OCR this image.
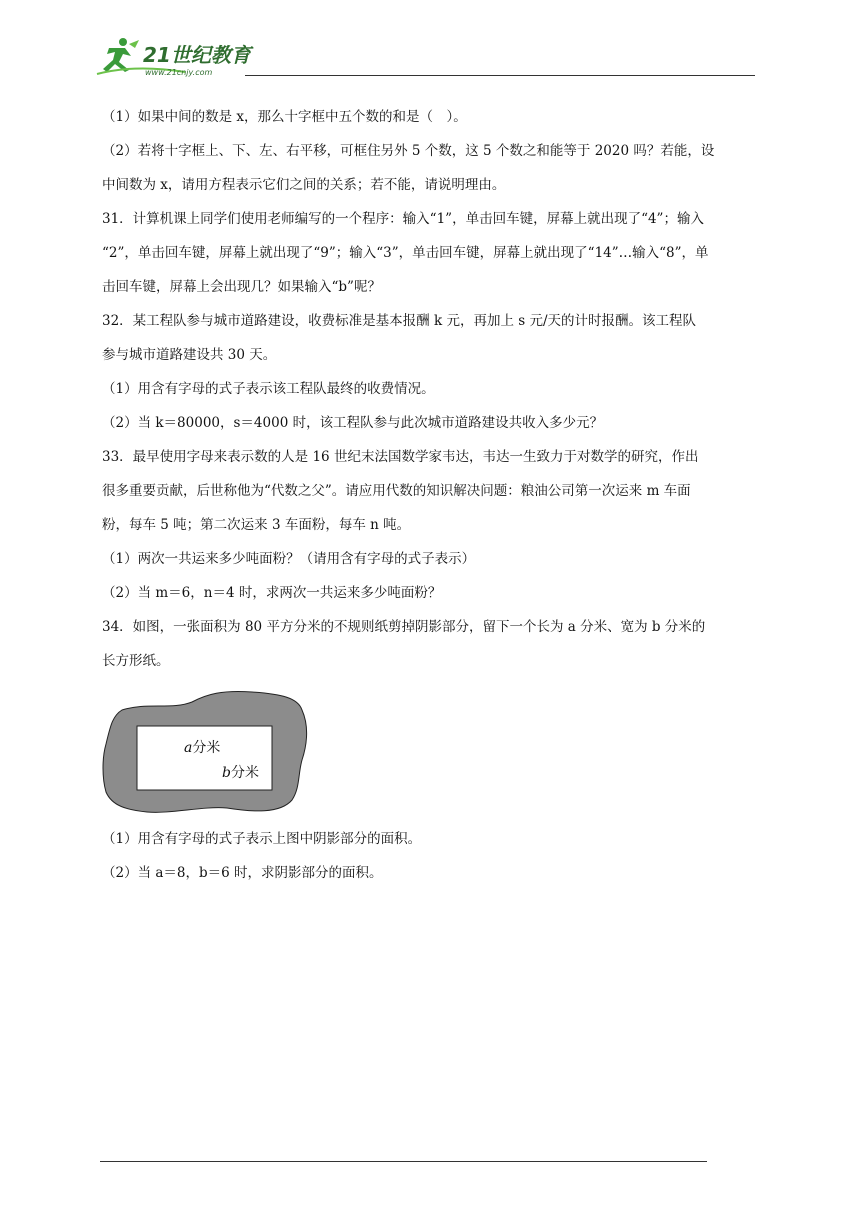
21世纪教育
www.21cnjy.com
（1）如果中间的数是 x，那么十字框中五个数的和是（　）。
（2）若将十字框上、下、左、右平移，可框住另外 5 个数，这 5 个数之和能等于 2020 吗？若能，设
中间数为 x，请用方程表示它们之间的关系；若不能，请说明理由。
31．计算机课上同学们使用老师编写的一个程序：输入“1”，单击回车键，屏幕上就出现了“4”；输入
“2”，单击回车键，屏幕上就出现了“9”；输入“3”，单击回车键，屏幕上就出现了“14”…输入“8”，单
击回车键，屏幕上会出现几？如果输入“b”呢？
32．某工程队参与城市道路建设，收费标准是基本报酬 k 元，再加上 s 元/天的计时报酬。该工程队
参与城市道路建设共 30 天。
（1）用含有字母的式子表示该工程队最终的收费情况。
（2）当 k＝80000，s＝4000 时，该工程队参与此次城市道路建设共收入多少元？
33．最早使用字母来表示数的人是 16 世纪末法国数学家韦达，韦达一生致力于对数学的研究，作出
很多重要贡献，后世称他为“代数之父”。请应用代数的知识解决问题：粮油公司第一次运来 m 车面
粉，每车 5 吨；第二次运来 3 车面粉，每车 n 吨。
（1）两次一共运来多少吨面粉？（请用含有字母的式子表示）
（2）当 m＝6，n＝4 时，求两次一共运来多少吨面粉？
34．如图，一张面积为 80 平方分米的不规则纸剪掉阴影部分，留下一个长为 a 分米、宽为 b 分米的
长方形纸。
a分米
b分米
（1）用含有字母的式子表示上图中阴影部分的面积。
（2）当 a＝8，b＝6 时，求阴影部分的面积。
